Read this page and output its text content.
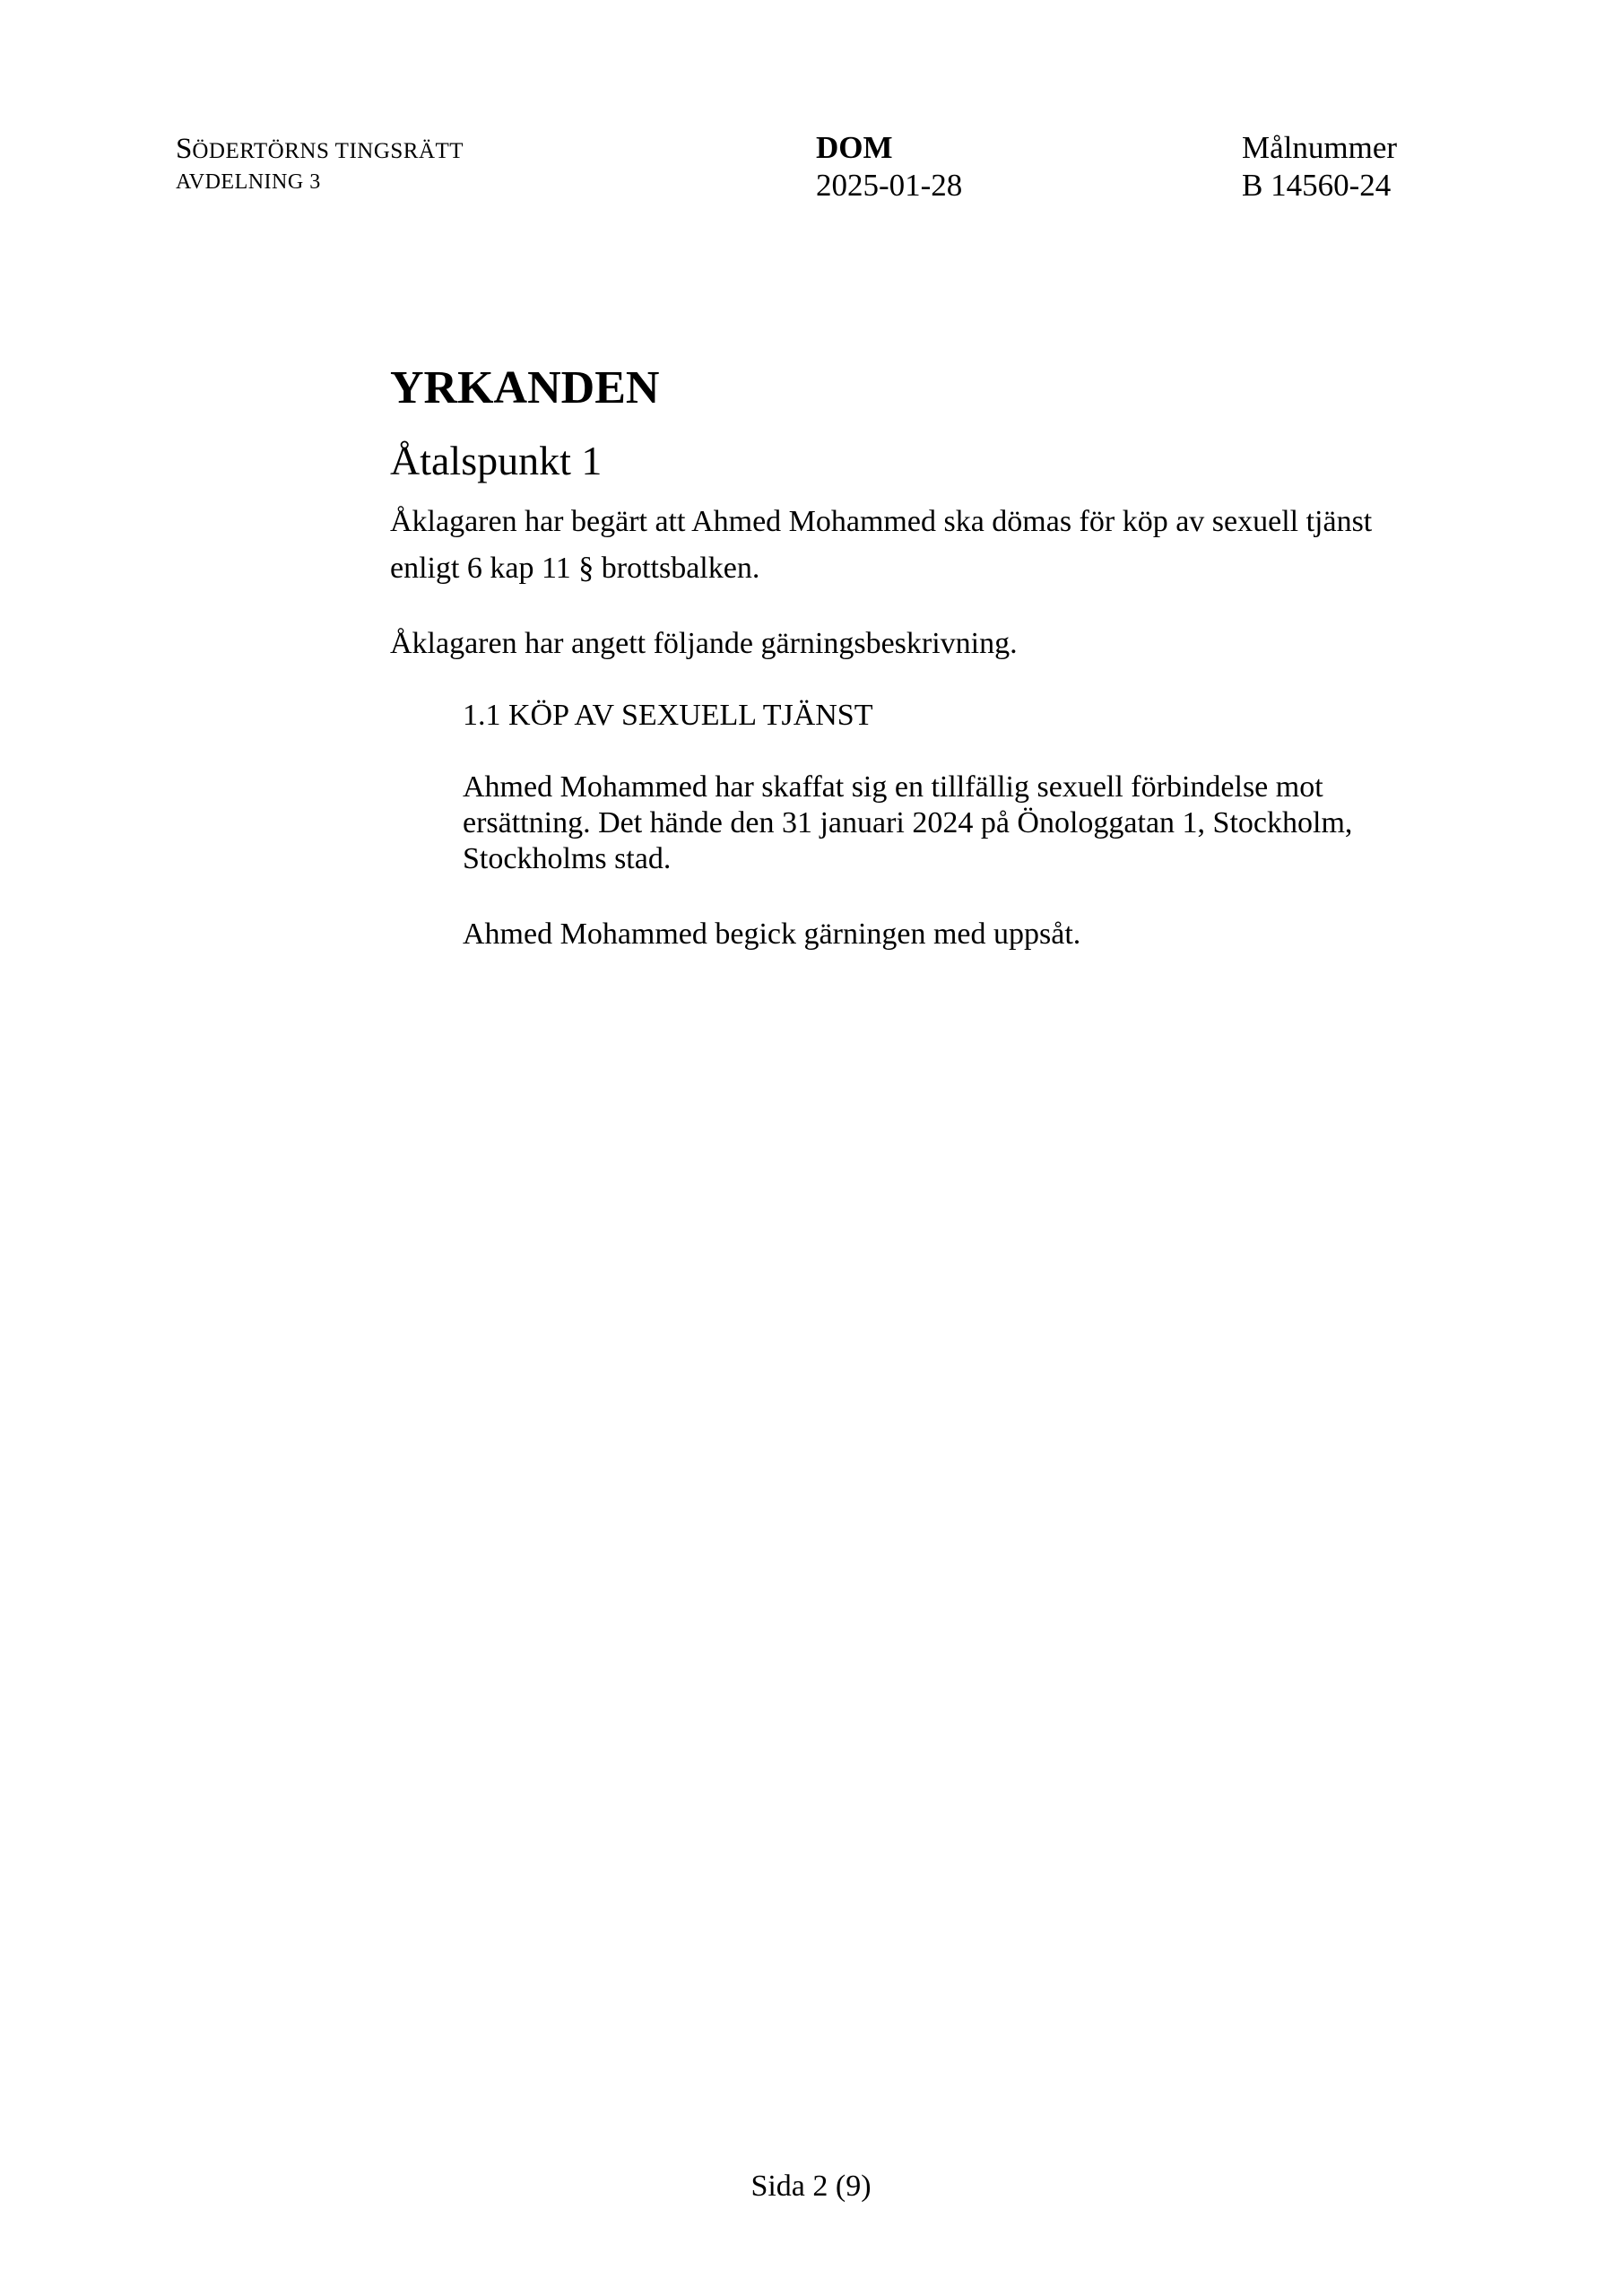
SÖDERTÖRNS TINGSRÄTT
AVDELNING 3
DOM
2025-01-28
Målnummer
B 14560-24
YRKANDEN
Åtalspunkt 1
Åklagaren har begärt att Ahmed Mohammed ska dömas för köp av sexuell tjänst enligt 6 kap 11 § brottsbalken.
Åklagaren har angett följande gärningsbeskrivning.
1.1 KÖP AV SEXUELL TJÄNST
Ahmed Mohammed har skaffat sig en tillfällig sexuell förbindelse mot ersättning. Det hände den 31 januari 2024 på Önologgatan 1, Stockholm, Stockholms stad.
Ahmed Mohammed begick gärningen med uppsåt.
Sida 2 (9)
